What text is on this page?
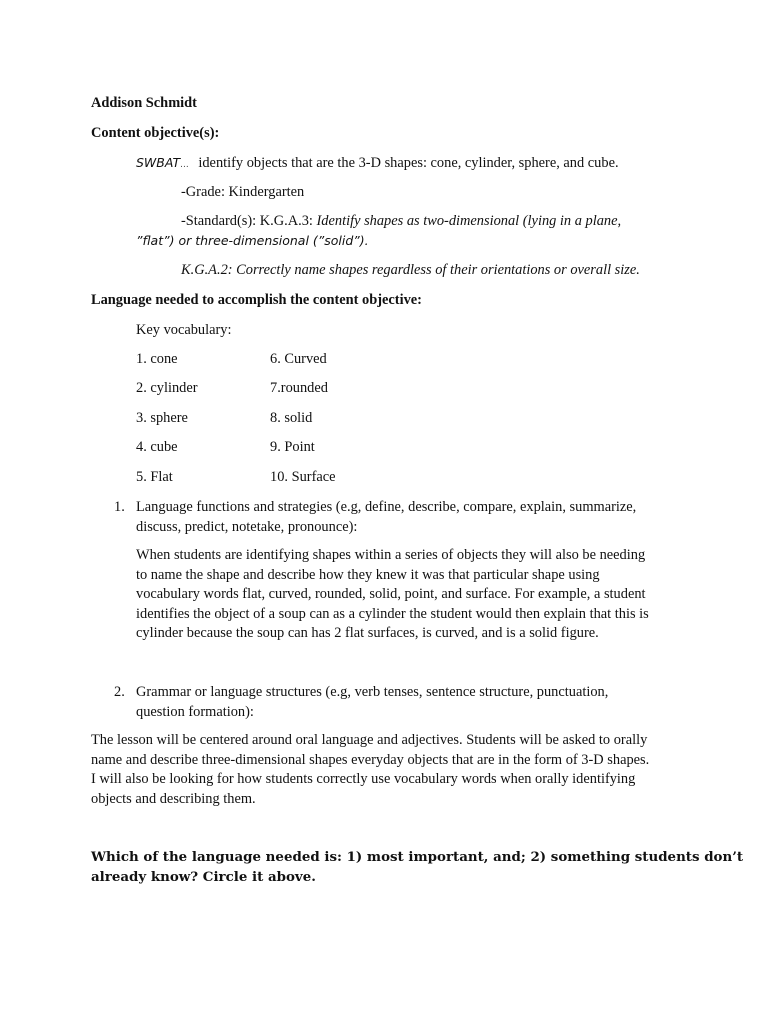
Addison Schmidt
Content objective(s):
SWBAT... identify objects that are the 3-D shapes: cone, cylinder, sphere, and cube.
-Grade: Kindergarten
-Standard(s): K.G.A.3: Identify shapes as two-dimensional (lying in a plane,
”flat”) or three-dimensional (”solid”).
K.G.A.2: Correctly name shapes regardless of their orientations or overall size.
Language needed to accomplish the content objective:
Key vocabulary:
1. cone
2. cylinder
3. sphere
4. cube
5. Flat
6. Curved
7.rounded
8. solid
9. Point
10. Surface
1. Language functions and strategies (e.g, define, describe, compare, explain, summarize,
discuss, predict, notetake, pronounce):
When students are identifying shapes within a series of objects they will also be needing
to name the shape and describe how they knew it was that particular shape using
vocabulary words flat, curved, rounded, solid, point, and surface. For example, a student
identifies the object of a soup can as a cylinder the student would then explain that this is
cylinder because the soup can has 2 flat surfaces, is curved, and is a solid figure.
2. Grammar or language structures (e.g, verb tenses, sentence structure, punctuation,
question formation):
The lesson will be centered around oral language and adjectives. Students will be asked to orally
name and describe three-dimensional shapes everyday objects that are in the form of 3-D shapes.
I will also be looking for how students correctly use vocabulary words when orally identifying
objects and describing them.
Which of the language needed is: 1) most important, and; 2) something students don’t
already know? Circle it above.
